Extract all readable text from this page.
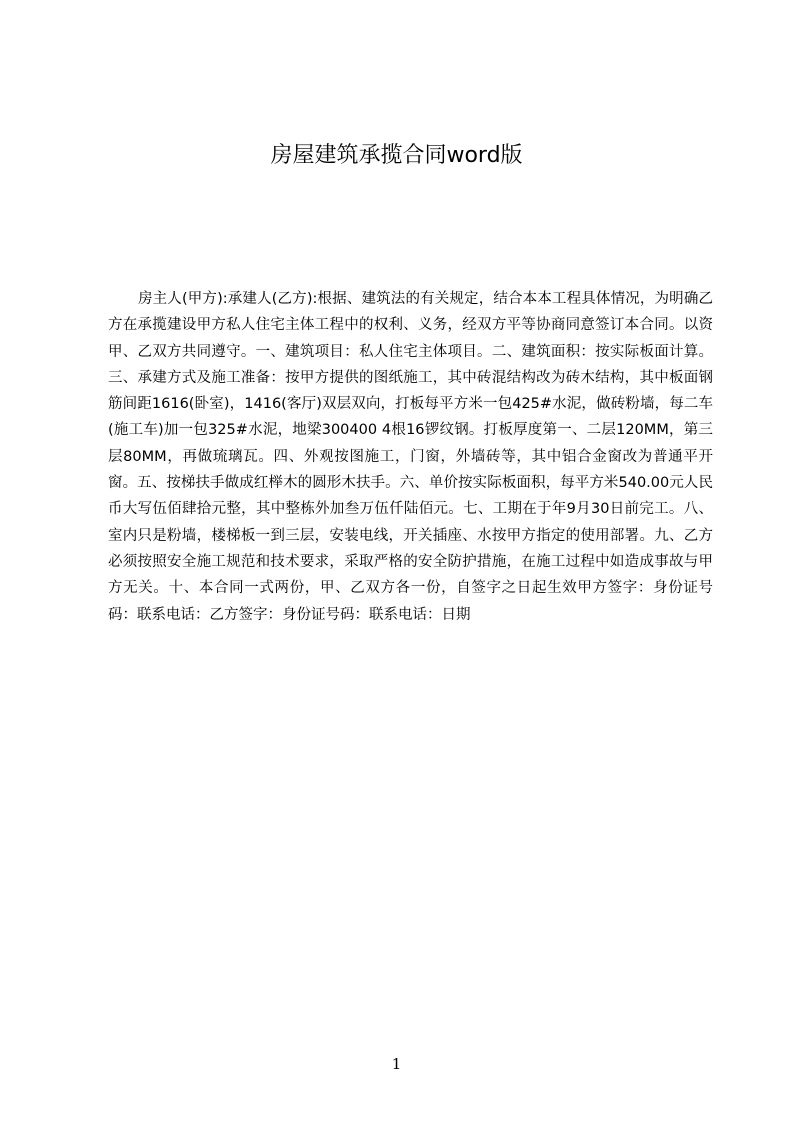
房屋建筑承揽合同word版

房主人(甲方):承建人(乙方):根据、建筑法的有关规定，结合本本工程具体情况，为明确乙方在承揽建设甲方私人住宅主体工程中的权利、义务，经双方平等协商同意签订本合同。以资甲、乙双方共同遵守。一、建筑项目：私人住宅主体项目。二、建筑面积：按实际板面计算。三、承建方式及施工准备：按甲方提供的图纸施工，其中砖混结构改为砖木结构，其中板面钢筋间距1616(卧室)，1416(客厅)双层双向，打板每平方米一包425#水泥，做砖粉墙，每二车(施工车)加一包325#水泥，地梁300400 4根16锣纹钢。打板厚度第一、二层120MM，第三层80MM，再做琉璃瓦。四、外观按图施工，门窗，外墙砖等，其中铝合金窗改为普通平开窗。五、按梯扶手做成红榉木的圆形木扶手。六、单价按实际板面积，每平方米540.00元人民币大写伍佰肆拾元整，其中整栋外加叁万伍仟陆佰元。七、工期在于年9月30日前完工。八、室内只是粉墙，楼梯板一到三层，安装电线，开关插座、水按甲方指定的使用部署。九、乙方必须按照安全施工规范和技术要求，采取严格的安全防护措施，在施工过程中如造成事故与甲方无关。十、本合同一式两份，甲、乙双方各一份，自签字之日起生效甲方签字：身份证号码：联系电话：乙方签字：身份证号码：联系电话：日期

1
